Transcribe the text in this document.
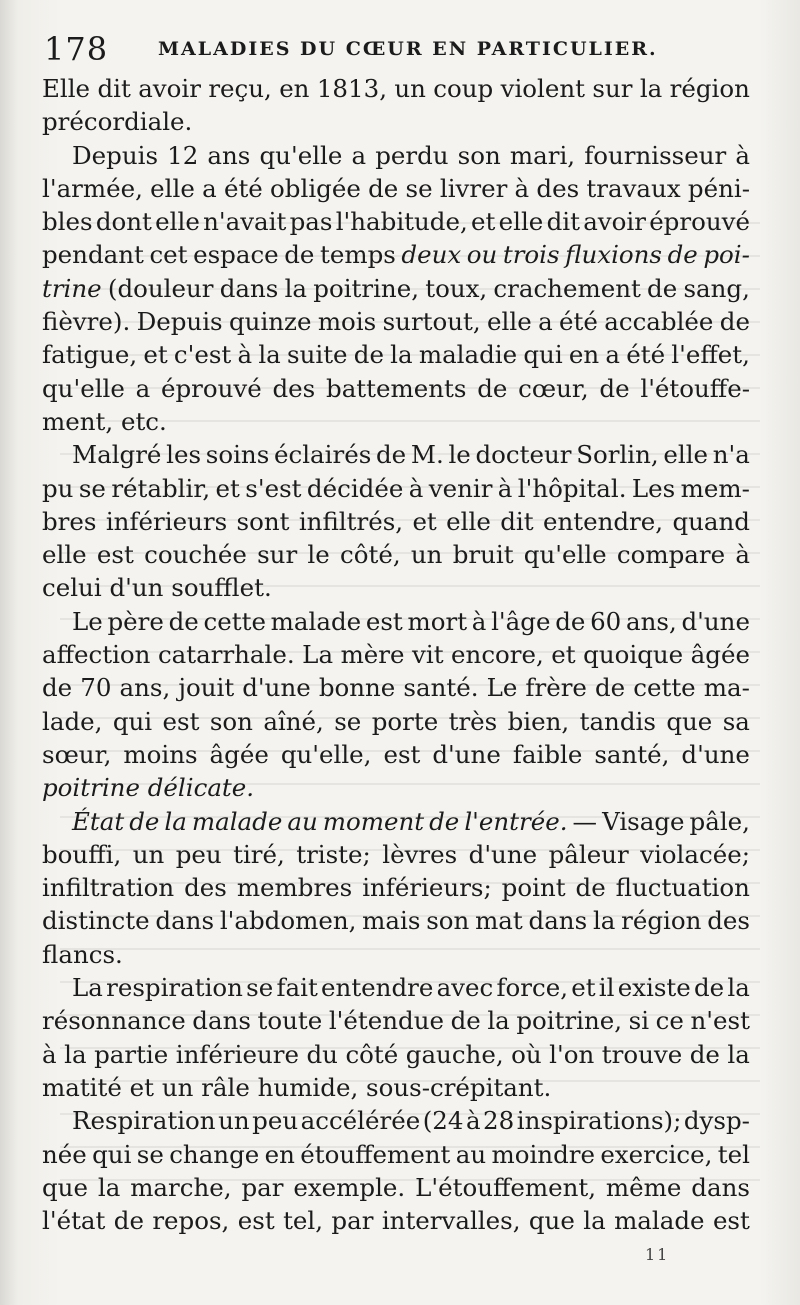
178	MALADIES DU CŒUR EN PARTICULIER.
Elle dit avoir reçu, en 1813, un coup violent sur la région
précordiale.
Depuis 12 ans qu'elle a perdu son mari, fournisseur à
l'armée, elle a été obligée de se livrer à des travaux péni-
bles dont elle n'avait pas l'habitude, et elle dit avoir éprouvé
pendant cet espace de temps deux ou trois fluxions de poi-
trine (douleur dans la poitrine, toux, crachement de sang,
fièvre). Depuis quinze mois surtout, elle a été accablée de
fatigue, et c'est à la suite de la maladie qui en a été l'effet,
qu'elle a éprouvé des battements de cœur, de l'étouffe-
ment,
etc.
Malgré les soins éclairés de M. le docteur Sorlin, elle n'a
pu se rétablir, et s'est décidée à venir à l'hôpital. Les mem-
bres inférieurs sont infiltrés, et elle dit entendre, quand
elle est couchée sur le côté, un bruit qu'elle compare à
celui
d'un
soufflet.
Le père de cette malade est mort à l'âge de 60 ans, d'une
affection catarrhale. La mère vit encore, et quoique âgée
de 70 ans, jouit d'une bonne santé. Le frère de cette ma-
lade, qui est son aîné, se porte très bien, tandis que sa
sœur, moins âgée qu'elle, est d'une faible santé, d'une
poitrine
délicate.
État de la malade au moment de l'entrée. — Visage pâle,
bouffi, un peu tiré, triste; lèvres d'une pâleur violacée;
infiltration des membres inférieurs; point de fluctuation
distincte dans l'abdomen, mais son mat dans la région des
flancs.
La respiration se fait entendre avec force, et il existe de la
résonnance dans toute l'étendue de la poitrine, si ce n'est
à la partie inférieure du côté gauche, où l'on trouve de la
matité
et
un
râle
humide,
sous-crépitant.
Respiration un peu accélérée (24 à 28 inspirations); dysp-
née qui se change en étouffement au moindre exercice, tel
que la marche, par exemple. L'étouffement, même dans
l'état de repos, est tel, par intervalles, que la malade est
11
